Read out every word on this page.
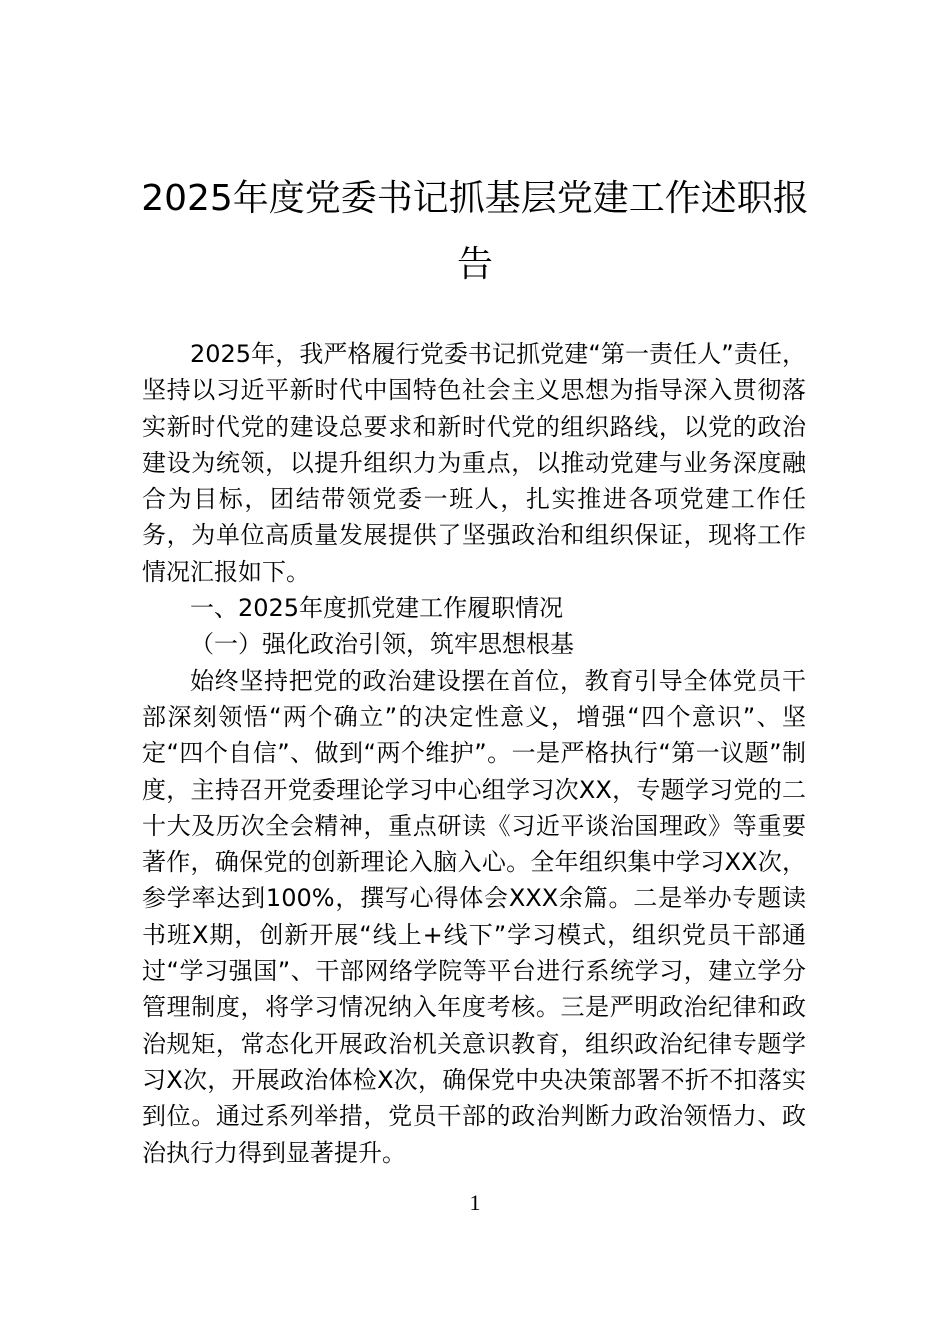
2025年度党委书记抓基层党建工作述职报告

2025年，我严格履行党委书记抓党建“第一责任人”责任，坚持以习近平新时代中国特色社会主义思想为指导深入贯彻落实新时代党的建设总要求和新时代党的组织路线，以党的政治建设为统领，以提升组织力为重点，以推动党建与业务深度融合为目标，团结带领党委一班人，扎实推进各项党建工作任务，为单位高质量发展提供了坚强政治和组织保证，现将工作情况汇报如下。

一、2025年度抓党建工作履职情况

（一）强化政治引领，筑牢思想根基

始终坚持把党的政治建设摆在首位，教育引导全体党员干部深刻领悟“两个确立”的决定性意义，增强“四个意识”、坚定“四个自信”、做到“两个维护”。一是严格执行“第一议题”制度，主持召开党委理论学习中心组学习次XX，专题学习党的二十大及历次全会精神，重点研读《习近平谈治国理政》等重要著作，确保党的创新理论入脑入心。全年组织集中学习XX次，参学率达到100%，撰写心得体会XXX余篇。二是举办专题读书班X期，创新开展“线上+线下”学习模式，组织党员干部通过“学习强国”、干部网络学院等平台进行系统学习，建立学分管理制度，将学习情况纳入年度考核。三是严明政治纪律和政治规矩，常态化开展政治机关意识教育，组织政治纪律专题学习X次，开展政治体检X次，确保党中央决策部署不折不扣落实到位。通过系列举措，党员干部的政治判断力政治领悟力、政治执行力得到显著提升。

1
